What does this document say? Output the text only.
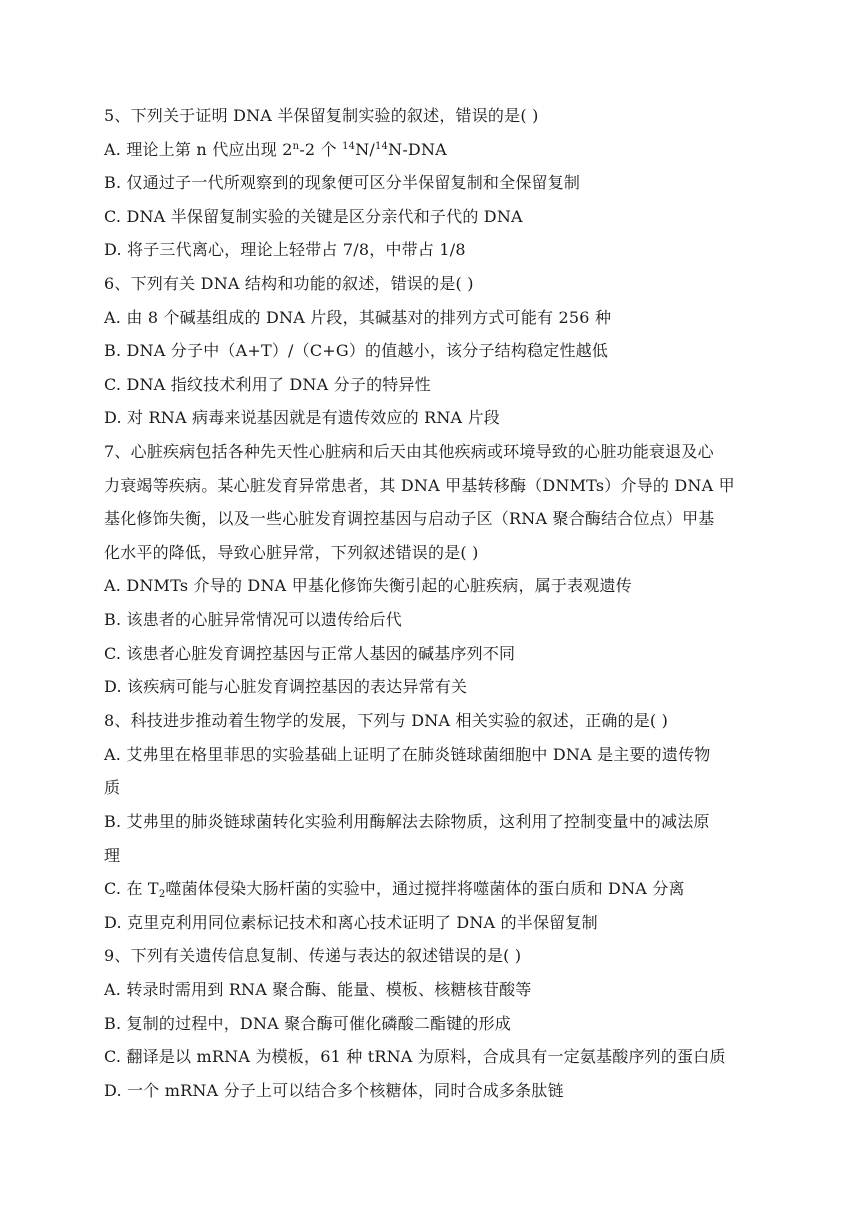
5、下列关于证明 DNA 半保留复制实验的叙述，错误的是( )
A. 理论上第 n 代应出现 2$^n$-2 个 $^{14}$N/$^{14}$N-DNA
B. 仅通过子一代所观察到的现象便可区分半保留复制和全保留复制
C. DNA 半保留复制实验的关键是区分亲代和子代的 DNA
D. 将子三代离心，理论上轻带占 7/8，中带占 1/8
6、下列有关 DNA 结构和功能的叙述，错误的是( )
A. 由 8 个碱基组成的 DNA 片段，其碱基对的排列方式可能有 256 种
B. DNA 分子中（A+T）/（C+G）的值越小，该分子结构稳定性越低
C. DNA 指纹技术利用了 DNA 分子的特异性
D. 对 RNA 病毒来说基因就是有遗传效应的 RNA 片段
7、心脏疾病包括各种先天性心脏病和后天由其他疾病或环境导致的心脏功能衰退及心
力衰竭等疾病。某心脏发育异常患者，其 DNA 甲基转移酶（DNMTs）介导的 DNA 甲
基化修饰失衡，以及一些心脏发育调控基因与启动子区（RNA 聚合酶结合位点）甲基
化水平的降低，导致心脏异常，下列叙述错误的是( )
A. DNMTs 介导的 DNA 甲基化修饰失衡引起的心脏疾病，属于表观遗传
B. 该患者的心脏异常情况可以遗传给后代
C. 该患者心脏发育调控基因与正常人基因的碱基序列不同
D. 该疾病可能与心脏发育调控基因的表达异常有关
8、科技进步推动着生物学的发展，下列与 DNA 相关实验的叙述，正确的是( )
A. 艾弗里在格里菲思的实验基础上证明了在肺炎链球菌细胞中 DNA 是主要的遗传物
质
B. 艾弗里的肺炎链球菌转化实验利用酶解法去除物质，这利用了控制变量中的减法原
理
C. 在 $T_2$噬菌体侵染大肠杆菌的实验中，通过搅拌将噬菌体的蛋白质和 DNA 分离
D. 克里克利用同位素标记技术和离心技术证明了 DNA 的半保留复制
9、下列有关遗传信息复制、传递与表达的叙述错误的是( )
A. 转录时需用到 RNA 聚合酶、能量、模板、核糖核苷酸等
B. 复制的过程中，DNA 聚合酶可催化磷酸二酯键的形成
C. 翻译是以 mRNA 为模板，61 种 tRNA 为原料，合成具有一定氨基酸序列的蛋白质
D. 一个 mRNA 分子上可以结合多个核糖体，同时合成多条肽链
